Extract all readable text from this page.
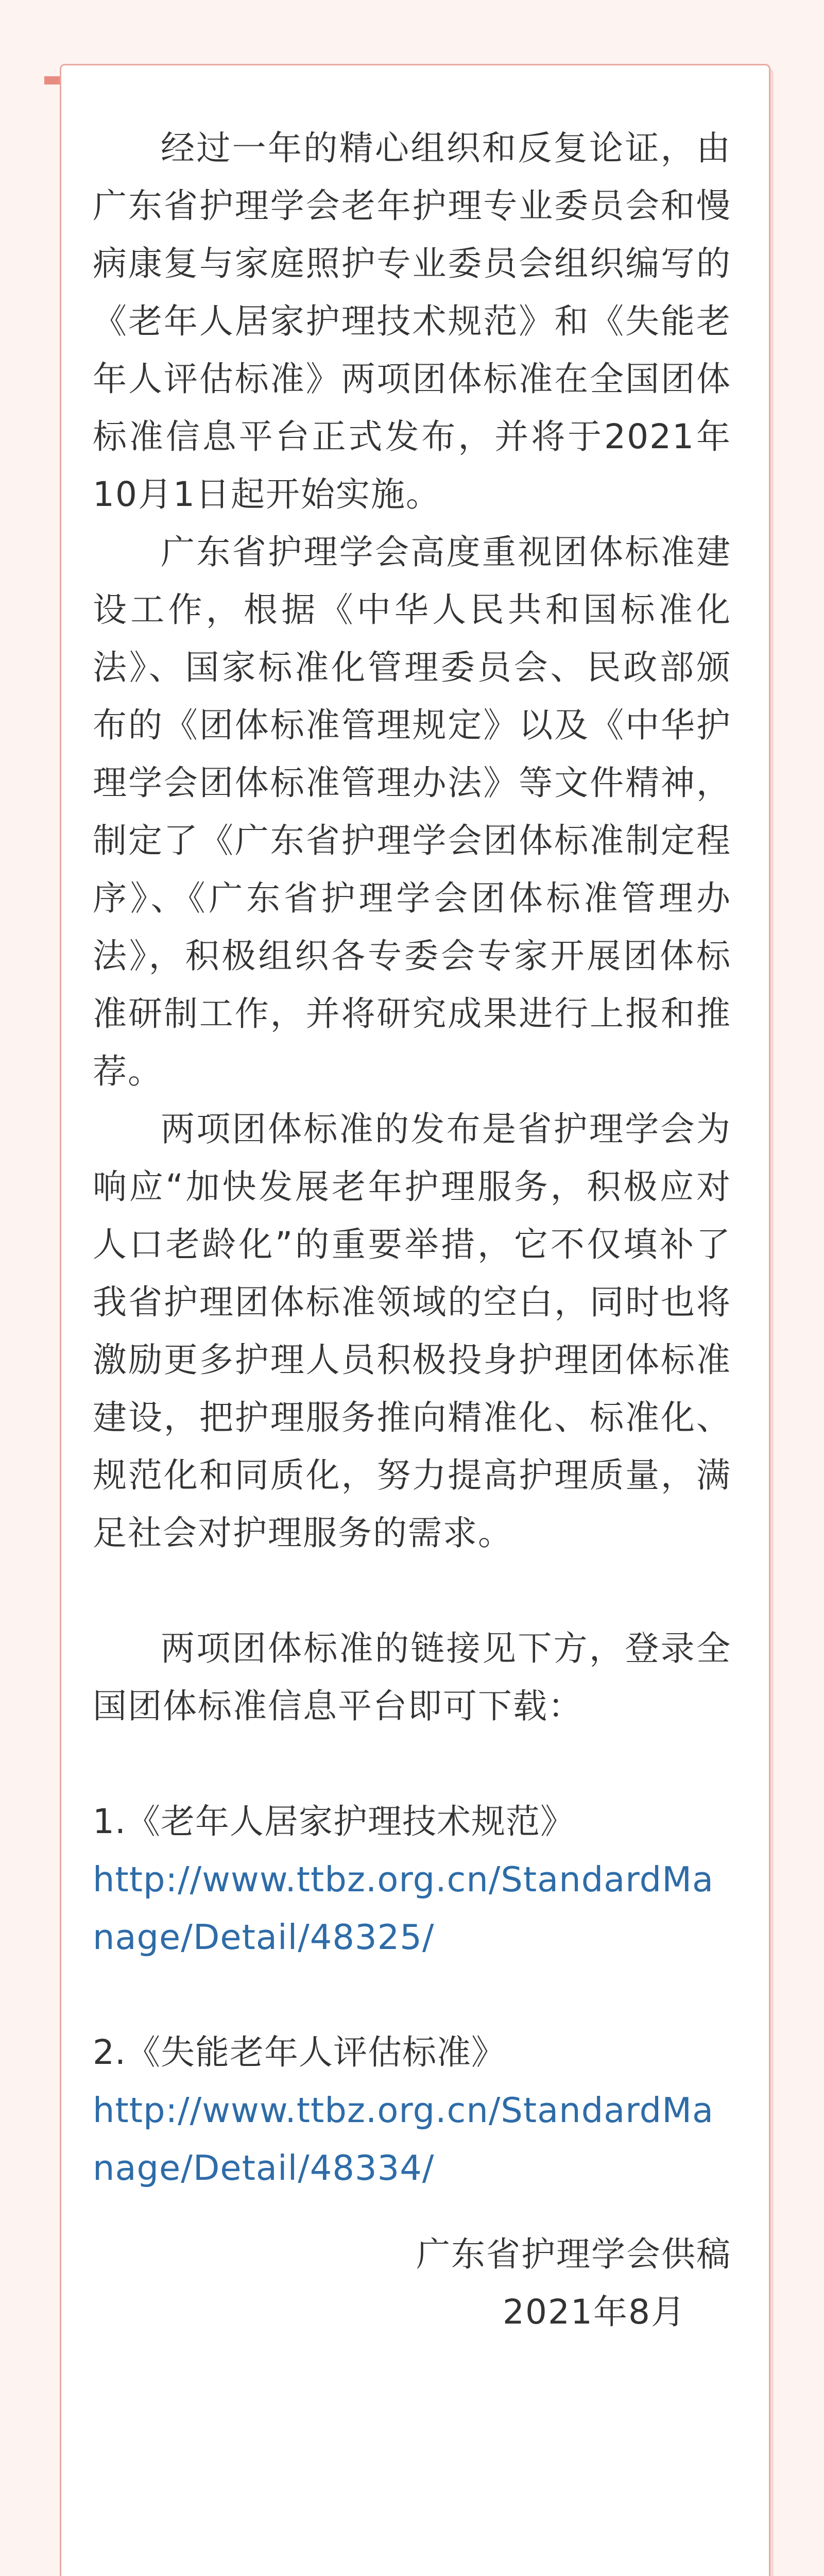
经过一年的精心组织和反复论证，由广东省护理学会老年护理专业委员会和慢病康复与家庭照护专业委员会组织编写的《老年人居家护理技术规范》和《失能老年人评估标准》两项团体标准在全国团体标准信息平台正式发布，并将于2021年10月1日起开始实施。

广东省护理学会高度重视团体标准建设工作，根据《中华人民共和国标准化法》、国家标准化管理委员会、民政部颁布的《团体标准管理规定》以及《中华护理学会团体标准管理办法》等文件精神，制定了《广东省护理学会团体标准制定程序》、《广东省护理学会团体标准管理办法》，积极组织各专委会专家开展团体标准研制工作，并将研究成果进行上报和推荐。

两项团体标准的发布是省护理学会为响应“加快发展老年护理服务，积极应对人口老龄化”的重要举措，它不仅填补了我省护理团体标准领域的空白，同时也将激励更多护理人员积极投身护理团体标准建设，把护理服务推向精准化、标准化、规范化和同质化，努力提高护理质量，满足社会对护理服务的需求。

两项团体标准的链接见下方，登录全国团体标准信息平台即可下载：

1.《老年人居家护理技术规范》

http://www.ttbz.org.cn/StandardManage/Detail/48325/

2.《失能老年人评估标准》

http://www.ttbz.org.cn/StandardManage/Detail/48334/

广东省护理学会供稿

2021年8月
